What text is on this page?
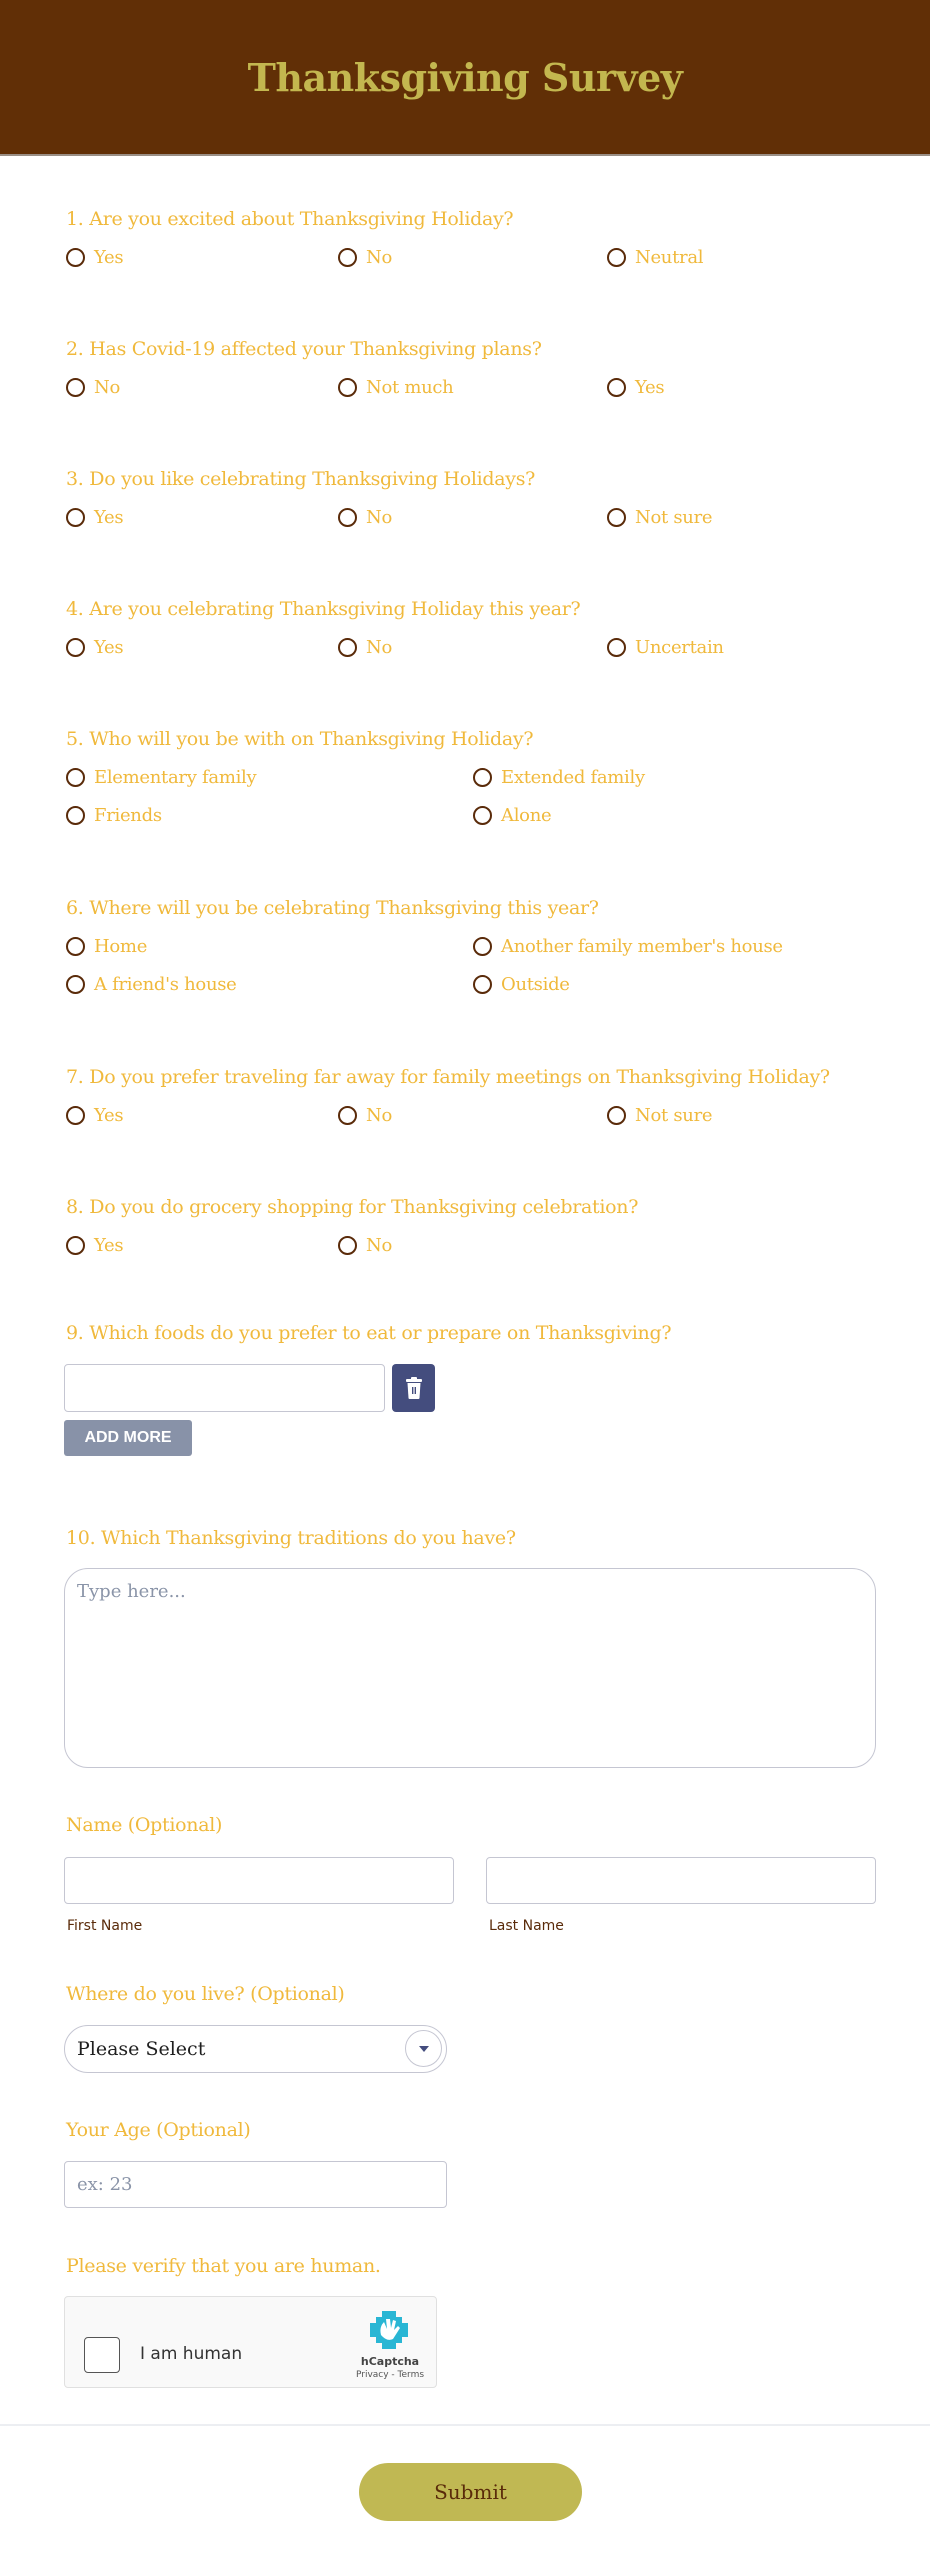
Thanksgiving Survey
1. Are you excited about Thanksgiving Holiday?
Yes	No	Neutral
2. Has Covid-19 affected your Thanksgiving plans?
No	Not much	Yes
3. Do you like celebrating Thanksgiving Holidays?
Yes	No	Not sure
4. Are you celebrating Thanksgiving Holiday this year?
Yes	No	Uncertain
5. Who will you be with on Thanksgiving Holiday?
Elementary family	Extended family
Friends	Alone
6. Where will you be celebrating Thanksgiving this year?
Home	Another family member's house
A friend's house	Outside
7. Do you prefer traveling far away for family meetings on Thanksgiving Holiday?
Yes	No	Not sure
8. Do you do grocery shopping for Thanksgiving celebration?
Yes	No
9. Which foods do you prefer to eat or prepare on Thanksgiving?
ADD MORE
10. Which Thanksgiving traditions do you have?
Type here...
Name (Optional)
First Name	Last Name
Where do you live? (Optional)
Please Select
Your Age (Optional)
ex: 23
Please verify that you are human.
I am human	hCaptcha
Privacy - Terms
Submit
